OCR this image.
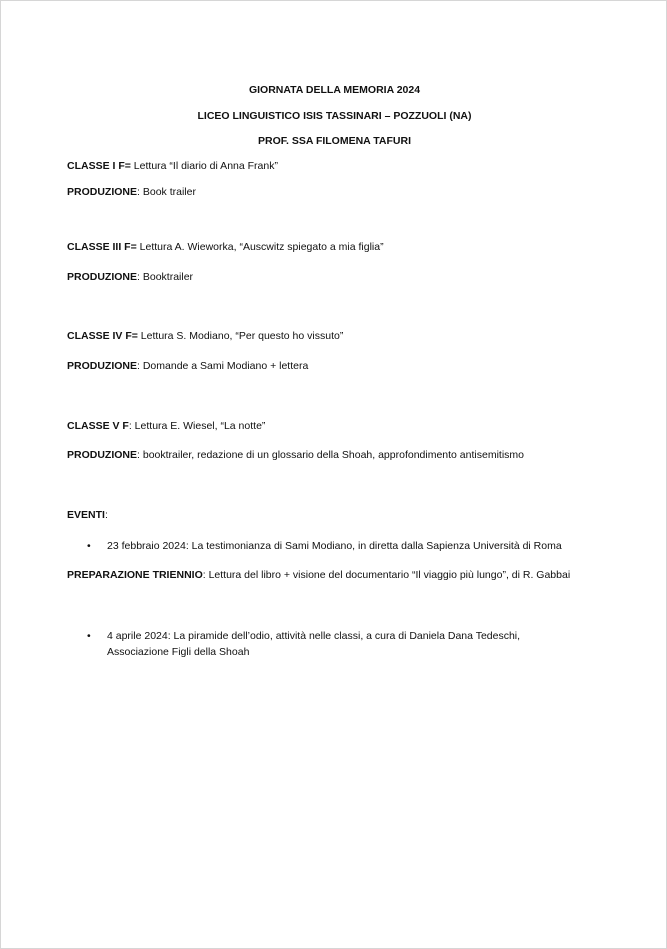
GIORNATA DELLA MEMORIA 2024
LICEO LINGUISTICO ISIS TASSINARI – POZZUOLI (NA)
PROF. SSA FILOMENA TAFURI
CLASSE I F= Lettura “Il diario di Anna Frank”
PRODUZIONE: Book trailer
CLASSE III F= Lettura A. Wieworka, “Auscwitz spiegato a mia figlia”
PRODUZIONE: Booktrailer
CLASSE IV F= Lettura S. Modiano, “Per questo ho vissuto”
PRODUZIONE: Domande a Sami Modiano + lettera
CLASSE V F: Lettura E. Wiesel, “La notte”
PRODUZIONE: booktrailer, redazione di un glossario della Shoah, approfondimento antisemitismo
EVENTI:
• 23 febbraio 2024: La testimonianza di Sami Modiano, in diretta dalla Sapienza Università di Roma
PREPARAZIONE TRIENNIO: Lettura del libro + visione del documentario “Il viaggio più lungo”, di R. Gabbai
• 4 aprile 2024: La piramide dell’odio, attività nelle classi, a cura di Daniela Dana Tedeschi, Associazione Figli della Shoah
